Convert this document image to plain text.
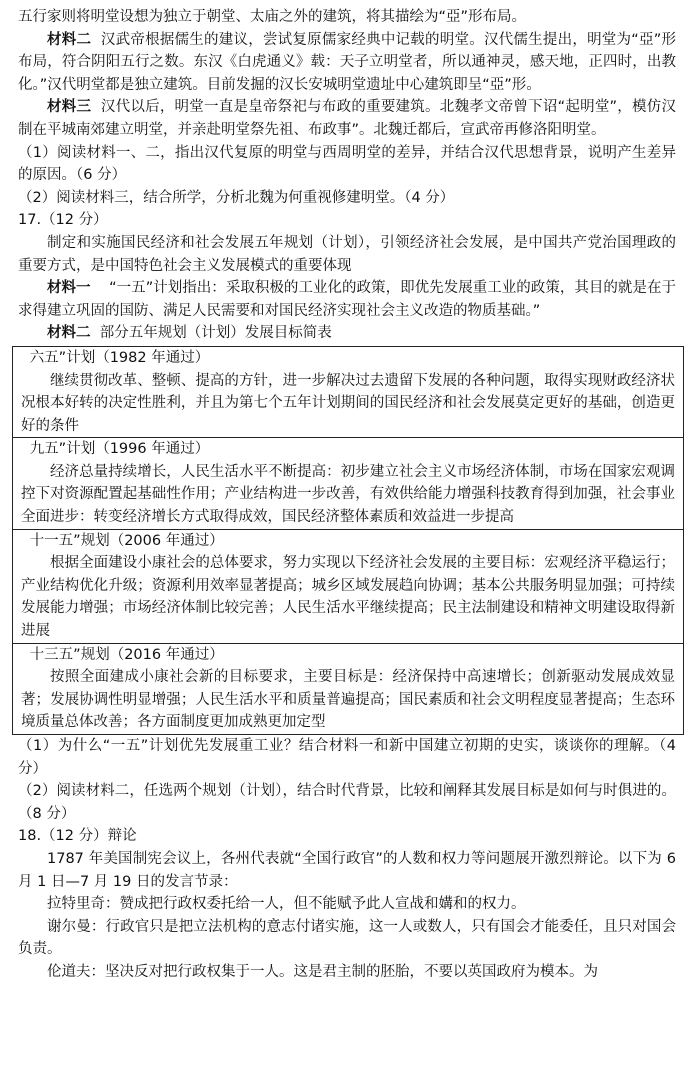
五行家则将明堂设想为独立于朝堂、太庙之外的建筑，将其描绘为“亞”形布局。

材料二 汉武帝根据儒生的建议，尝试复原儒家经典中记载的明堂。汉代儒生提出，明堂为“亞”形布局，符合阴阳五行之数。东汉《白虎通义》载：天子立明堂者，所以通神灵，感天地，正四时，出教化。”汉代明堂都是独立建筑。目前发掘的汉长安城明堂遗址中心建筑即呈“亞”形。

材料三 汉代以后，明堂一直是皇帝祭祀与布政的重要建筑。北魏孝文帝曾下诏“起明堂”，模仿汉制在平城南郊建立明堂，并亲赴明堂祭先祖、布政事”。北魏迁都后，宣武帝再修洛阳明堂。

（1）阅读材料一、二，指出汉代复原的明堂与西周明堂的差异，并结合汉代思想背景，说明产生差异的原因。（6 分）

（2）阅读材料三，结合所学，分析北魏为何重视修建明堂。（4 分）

17.（12 分）

制定和实施国民经济和社会发展五年规划（计划），引领经济社会发展，是中国共产党治国理政的重要方式，是中国特色社会主义发展模式的重要体现

材料一 “一五”计划指出：采取积极的工业化的政策，即优先发展重工业的政策，其目的就是在于求得建立巩固的国防、满足人民需要和对国民经济实现社会主义改造的物质基础。”

材料二 部分五年规划（计划）发展目标简表

六五”计划（1982 年通过）

继续贯彻改革、整顿、提高的方针，进一步解决过去遗留下发展的各种问题，取得实现财政经济状况根本好转的决定性胜利，并且为第七个五年计划期间的国民经济和社会发展莫定更好的基础，创造更好的条件

九五”计划（1996 年通过）

经济总量持续增长，人民生活水平不断提高：初步建立社会主义市场经济体制，市场在国家宏观调控下对资源配置起基础性作用；产业结构进一步改善，有效供给能力增强科技教育得到加强，社会事业全面进步：转变经济增长方式取得成效，国民经济整体素质和效益进一步提高

十一五”规划（2006 年通过）

根据全面建设小康社会的总体要求，努力实现以下经济社会发展的主要目标：宏观经济平稳运行；产业结构优化升级；资源利用效率显著提高；城乡区域发展趋向协调；基本公共服务明显加强；可持续发展能力增强；市场经济体制比较完善；人民生活水平继续提高；民主法制建设和精神文明建设取得新进展

十三五”规划（2016 年通过）

按照全面建成小康社会新的目标要求，主要目标是：经济保持中高速增长；创新驱动发展成效显著；发展协调性明显增强；人民生活水平和质量普遍提高；国民素质和社会文明程度显著提高；生态环境质量总体改善；各方面制度更加成熟更加定型

（1）为什么“一五”计划优先发展重工业？结合材料一和新中国建立初期的史实，谈谈你的理解。（4 分）

（2）阅读材料二，任选两个规划（计划），结合时代背景，比较和阐释其发展目标是如何与时俱进的。（8 分）

18.（12 分）辩论

1787 年美国制宪会议上，各州代表就“全国行政官”的人数和权力等问题展开激烈辩论。以下为 6 月 1 日—7 月 19 日的发言节录：

拉特里奇：赞成把行政权委托给一人，但不能赋予此人宣战和媾和的权力。

谢尔曼：行政官只是把立法机构的意志付诸实施，这一人或数人，只有国会才能委任，且只对国会负责。

伦道夫：坚决反对把行政权集于一人。这是君主制的胚胎，不要以英国政府为模本。为
